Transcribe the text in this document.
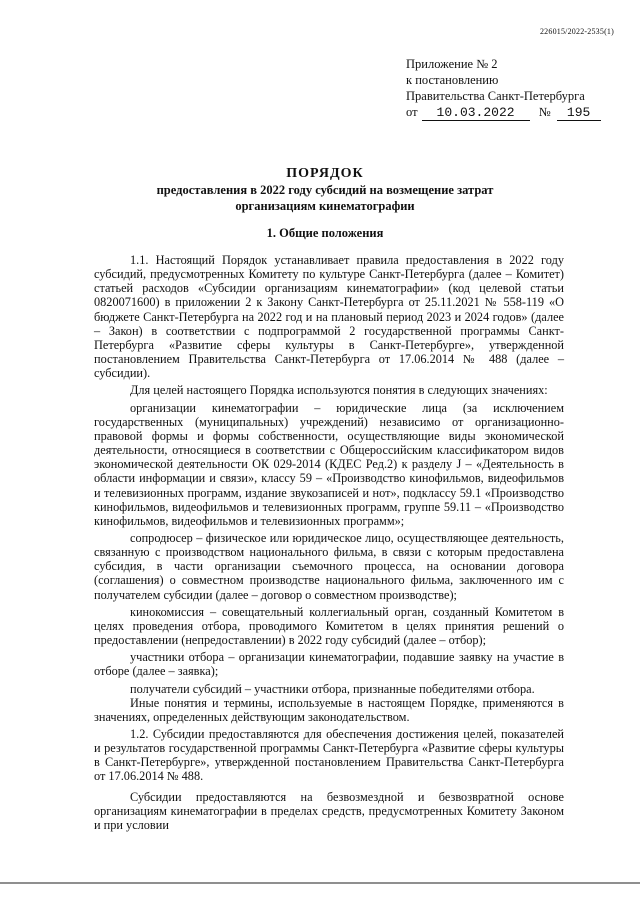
226015/2022-2535(1)
Приложение № 2
к постановлению
Правительства Санкт-Петербурга
от 10.03.2022 № 195
ПОРЯДОК
предоставления в 2022 году субсидий на возмещение затрат
организациям кинематографии
1. Общие положения

1.1. Настоящий Порядок устанавливает правила предоставления в 2022 году субсидий, предусмотренных Комитету по культуре Санкт-Петербурга (далее – Комитет) статьей расходов «Субсидии организациям кинематографии» (код целевой статьи 0820071600) в приложении 2 к Закону Санкт-Петербурга от 25.11.2021 № 558-119 «О бюджете Санкт-Петербурга на 2022 год и на плановый период 2023 и 2024 годов» (далее – Закон) в соответствии с подпрограммой 2 государственной программы Санкт-Петербурга «Развитие сферы культуры в Санкт-Петербурге», утвержденной постановлением Правительства Санкт-Петербурга от 17.06.2014 № 488 (далее – субсидии).

Для целей настоящего Порядка используются понятия в следующих значениях:

организации кинематографии – юридические лица (за исключением государственных (муниципальных) учреждений) независимо от организационно-правовой формы и формы собственности, осуществляющие виды экономической деятельности, относящиеся в соответствии с Общероссийским классификатором видов экономической деятельности ОК 029-2014 (КДЕС Ред.2) к разделу J – «Деятельность в области информации и связи», классу 59 – «Производство кинофильмов, видеофильмов и телевизионных программ, издание звукозаписей и нот», подклассу 59.1 «Производство кинофильмов, видеофильмов и телевизионных программ, группе 59.11 – «Производство кинофильмов, видеофильмов и телевизионных программ»;

сопродюсер – физическое или юридическое лицо, осуществляющее деятельность, связанную с производством национального фильма, в связи с которым предоставлена субсидия, в части организации съемочного процесса, на основании договора (соглашения) о совместном производстве национального фильма, заключенного им с получателем субсидии (далее – договор о совместном производстве);

кинокомиссия – совещательный коллегиальный орган, созданный Комитетом в целях проведения отбора, проводимого Комитетом в целях принятия решений о предоставлении (непредоставлении) в 2022 году субсидий (далее – отбор);

участники отбора – организации кинематографии, подавшие заявку на участие в отборе (далее – заявка);

получатели субсидий – участники отбора, признанные победителями отбора.

Иные понятия и термины, используемые в настоящем Порядке, применяются в значениях, определенных действующим законодательством.

1.2. Субсидии предоставляются для обеспечения достижения целей, показателей и результатов государственной программы Санкт-Петербурга «Развитие сферы культуры в Санкт-Петербурге», утвержденной постановлением Правительства Санкт-Петербурга от 17.06.2014 № 488.

Субсидии предоставляются на безвозмездной и безвозвратной основе организациям кинематографии в пределах средств, предусмотренных Комитету Законом и при условии
